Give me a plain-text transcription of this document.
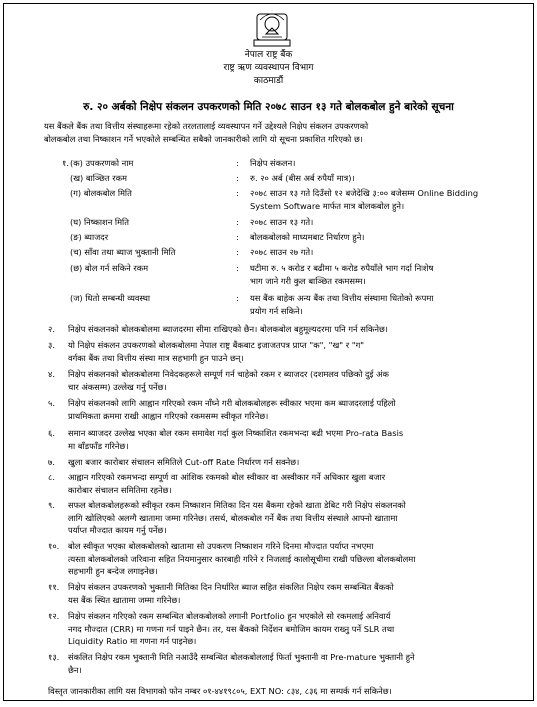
नेपाल राष्ट्र बैंक
राष्ट्र ऋण व्यवस्थापन विभाग
काठमाडौं
रु. २० अर्बको निक्षेप संकलन उपकरणको मिति २०७८ साउन १३ गते बोलकबोल हुने बारेको सूचना
यस बैंकले बैंक तथा वित्तीय संस्थाहरूमा रहेको तरलतालाई व्यवस्थापन गर्ने उद्देश्यले निक्षेप संकलन उपकरणको
बोलकबोल तथा निष्काशन गर्ने भएकोले सम्बन्धित सबैको जानकारीको लागि यो सूचना प्रकाशित गरिएको छ।
१. (क) उपकरणको नाम	: निक्षेप संकलन।
(ख) बाञ्छित रकम	: रु. २० अर्ब (बीस अर्ब रुपैयाँ मात्र)।
(ग) बोलकबोल मिति	: २०७८ साउन १३ गते दिउँसो १२ बजेदेखि ३:०० बजेसम्म Online Bidding
System Software मार्फत मात्र बोलकबोल हुने।
(घ) निष्काशन मिति	: २०७८ साउन १३ गते।
(ङ) ब्याजदर	: बोलकबोलको माध्यमबाट निर्धारण हुने।
(च) साँवा तथा ब्याज भुक्तानी मिति	: २०७८ साउन २७ गते।
(छ) बोल गर्न सकिने रकम	: घटीमा रु. ५ करोड र बढीमा ५ करोड रुपैयाँले भाग गर्दा निःशेष
भाग जाने गरी कुल बाञ्छित रकमसम्म।
(ज) धितो सम्बन्धी व्यवस्था	: यस बैंक बाहेक अन्य बैंक तथा वित्तीय संस्थामा धितोको रूपमा
प्रयोग गर्न सकिने।
२. निक्षेप संकलनको बोलकबोलमा ब्याजदरमा सीमा राखिएको छैन। बोलकबोल बहुमूल्यदरमा पनि गर्न सकिनेछ।
३. यो निक्षेप संकलन उपकरणको बोलकबोलमा नेपाल राष्ट्र बैंकबाट इजाजतपत्र प्राप्त "क", "ख" र "ग"
वर्गका बैंक तथा वित्तीय संस्था मात्र सहभागी हुन पाउने छन्।
४. निक्षेप संकलनको बोलकबोलमा निवेदकहरूले सम्पूर्ण गर्न चाहेको रकम र ब्याजदर (दशमलव पछिको दुई अंक
चार अंकसम्म) उल्लेख गर्नु पर्नेछ।
५. निक्षेप संकलनको लागि आह्वान गरिएको रकम नाँघ्ने गरी बोलकबोलहरू स्वीकार भएमा कम ब्याजदरलाई पहिलो
प्राथमिकता क्रममा राखी आह्वान गरिएको रकमसम्म स्वीकृत गरिनेछ।
६. समान ब्याजदर उल्लेख भएका बोल रकम समावेश गर्दा कुल निष्काशित रकमभन्दा बढी भएमा Pro-rata Basis
मा बाँडफाँड गरिनेछ।
७. खुला बजार कारोबार संचालन समितिले Cut-off Rate निर्धारण गर्न सक्नेछ।
८. आह्वान गरिएको रकमभन्दा सम्पूर्ण वा आंशिक रकमको बोल स्वीकार वा अस्वीकार गर्ने अधिकार खुला बजार
कारोबार संचालन समितिमा रहनेछ।
९. सफल बोलकबोलहरूको स्वीकृत रकम निष्काशन मितिका दिन यस बैंकमा रहेको खाता डेबिट गरी निक्षेप संकलनको
लागि खोलिएको अलग्गै खातामा जम्मा गरिनेछ। तसर्थ, बोलकबोल गर्ने बैंक तथा वित्तीय संस्थाले आफ्नो खातामा
पर्याप्त मौज्दात कायम गर्नु पर्नेछ।
१०. बोल स्वीकृत भएका बोलकबोलको खातामा सो उपकरण निष्काशन गरिने दिनमा मौज्दात पर्याप्त नभएमा
त्यस्ता बोलकबोलको जरिवाना सहित नियमानुसार कारबाही गरिने र निजलाई कालोसूचीमा राखी पछिल्ला बोलकबोलमा
सहभागी हुन बन्देज लगाइनेछ।
११. निक्षेप संकलन उपकरणको भुक्तानी मितिका दिन निर्धारित ब्याज सहित संकलित निक्षेप रकम सम्बन्धित बैंकको
यस बैंक स्थित खातामा जम्मा गरिनेछ।
१२. निक्षेप संकलन गरिएको रकम सम्बन्धित बोलकबोलको लगानी Portfolio हुन भएकोले सो रकमलाई अनिवार्य
नगद मौज्दात (CRR) मा गणना गर्न पाइने छैन। तर, यस बैंकको निर्देशन बमोजिम कायम राख्नु पर्ने SLR तथा
Liquidity Ratio मा गणना गर्न पाइनेछ।
१३. संकलित निक्षेप रकम भुक्तानी मिति नआउँदै सम्बन्धित बोलकबोललाई फिर्ता भुक्तानी वा Pre-mature भुक्तानी हुने
छैन।
विस्तृत जानकारीका लागि यस विभागको फोन नम्बर ०१-४४१९८०५, EXT NO: ८३४, ८३६ मा सम्पर्क गर्न सकिनेछ।
